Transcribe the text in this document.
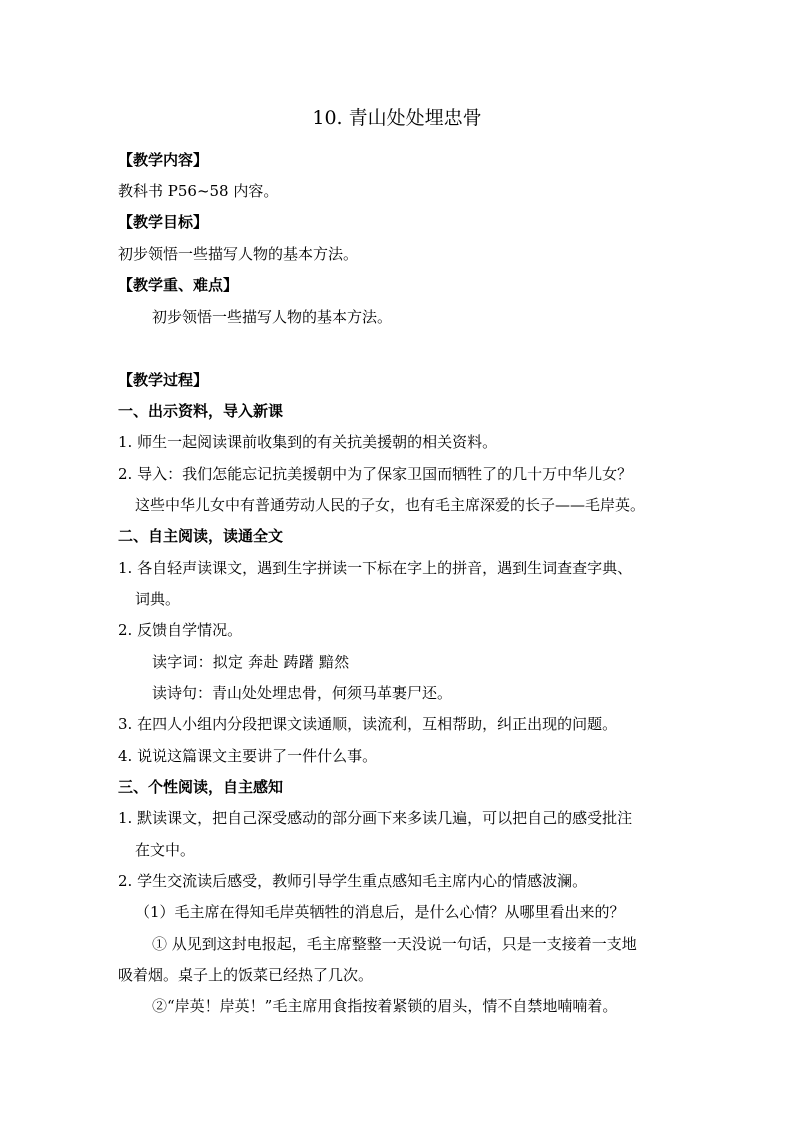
10. 青山处处埋忠骨
【教学内容】
教科书 P56~58 内容。
【教学目标】
初步领悟一些描写人物的基本方法。
【教学重、难点】
初步领悟一些描写人物的基本方法。
【教学过程】
一、出示资料，导入新课
1. 师生一起阅读课前收集到的有关抗美援朝的相关资料。
2. 导入：我们怎能忘记抗美援朝中为了保家卫国而牺牲了的几十万中华儿女？
这些中华儿女中有普通劳动人民的子女，也有毛主席深爱的长子——毛岸英。
二、自主阅读，读通全文
1. 各自轻声读课文，遇到生字拼读一下标在字上的拼音，遇到生词查查字典、
词典。
2. 反馈自学情况。
读字词：拟定 奔赴 踌躇 黯然
读诗句：青山处处埋忠骨，何须马革裹尸还。
3. 在四人小组内分段把课文读通顺，读流利，互相帮助，纠正出现的问题。
4. 说说这篇课文主要讲了一件什么事。
三、个性阅读，自主感知
1. 默读课文，把自己深受感动的部分画下来多读几遍，可以把自己的感受批注
在文中。
2. 学生交流读后感受，教师引导学生重点感知毛主席内心的情感波澜。
（1）毛主席在得知毛岸英牺牲的消息后，是什么心情？从哪里看出来的？
① 从见到这封电报起，毛主席整整一天没说一句话，只是一支接着一支地
吸着烟。桌子上的饭菜已经热了几次。
②“岸英！岸英！”毛主席用食指按着紧锁的眉头，情不自禁地喃喃着。
